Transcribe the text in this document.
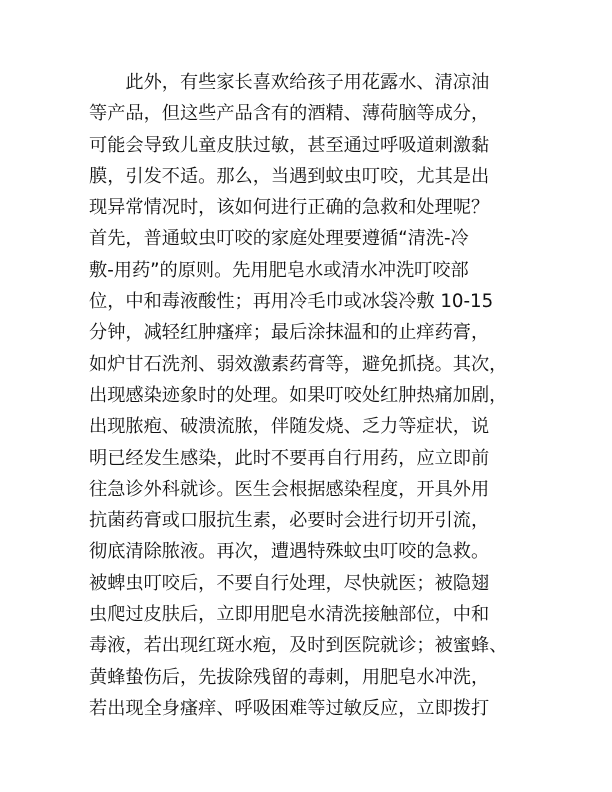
　　此外，有些家长喜欢给孩子用花露水、清凉油
等产品，但这些产品含有的酒精、薄荷脑等成分，
可能会导致儿童皮肤过敏，甚至通过呼吸道刺激黏
膜，引发不适。那么，当遇到蚊虫叮咬，尤其是出
现异常情况时，该如何进行正确的急救和处理呢？
首先，普通蚊虫叮咬的家庭处理要遵循“清洗-冷
敷-用药”的原则。先用肥皂水或清水冲洗叮咬部
位，中和毒液酸性；再用冷毛巾或冰袋冷敷 10-15
分钟，减轻红肿瘙痒；最后涂抹温和的止痒药膏，
如炉甘石洗剂、弱效激素药膏等，避免抓挠。其次，
出现感染迹象时的处理。如果叮咬处红肿热痛加剧，
出现脓疱、破溃流脓，伴随发烧、乏力等症状，说
明已经发生感染，此时不要再自行用药，应立即前
往急诊外科就诊。医生会根据感染程度，开具外用
抗菌药膏或口服抗生素，必要时会进行切开引流，
彻底清除脓液。再次，遭遇特殊蚊虫叮咬的急救。
被蜱虫叮咬后，不要自行处理，尽快就医；被隐翅
虫爬过皮肤后，立即用肥皂水清洗接触部位，中和
毒液，若出现红斑水疱，及时到医院就诊；被蜜蜂、
黄蜂蛰伤后，先拔除残留的毒刺，用肥皂水冲洗，
若出现全身瘙痒、呼吸困难等过敏反应，立即拨打
